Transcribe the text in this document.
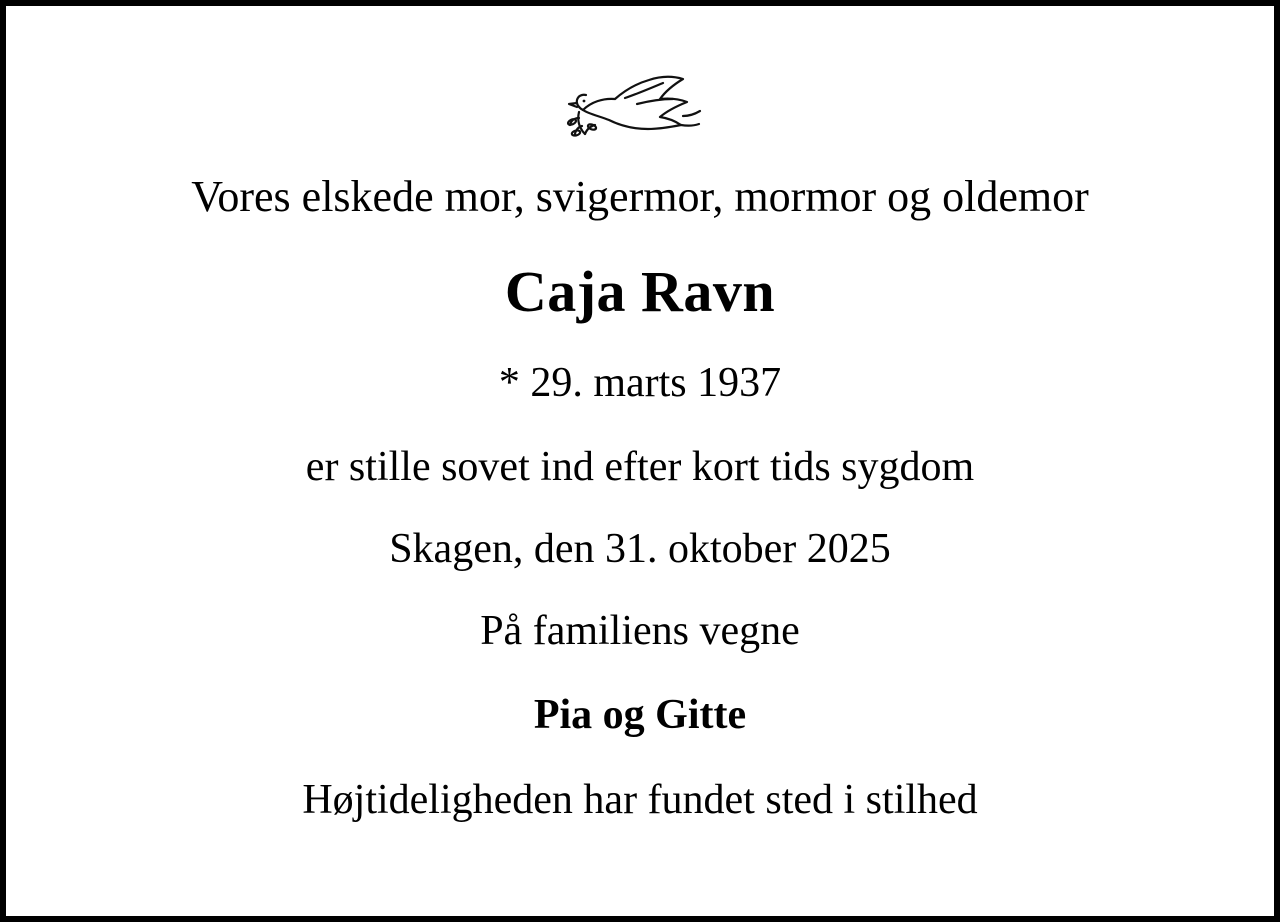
Vores elskede mor, svigermor, mormor og oldemor
Caja Ravn
* 29. marts 1937
er stille sovet ind efter kort tids sygdom
Skagen, den 31. oktober 2025
På familiens vegne
Pia og Gitte
Højtideligheden har fundet sted i stilhed
